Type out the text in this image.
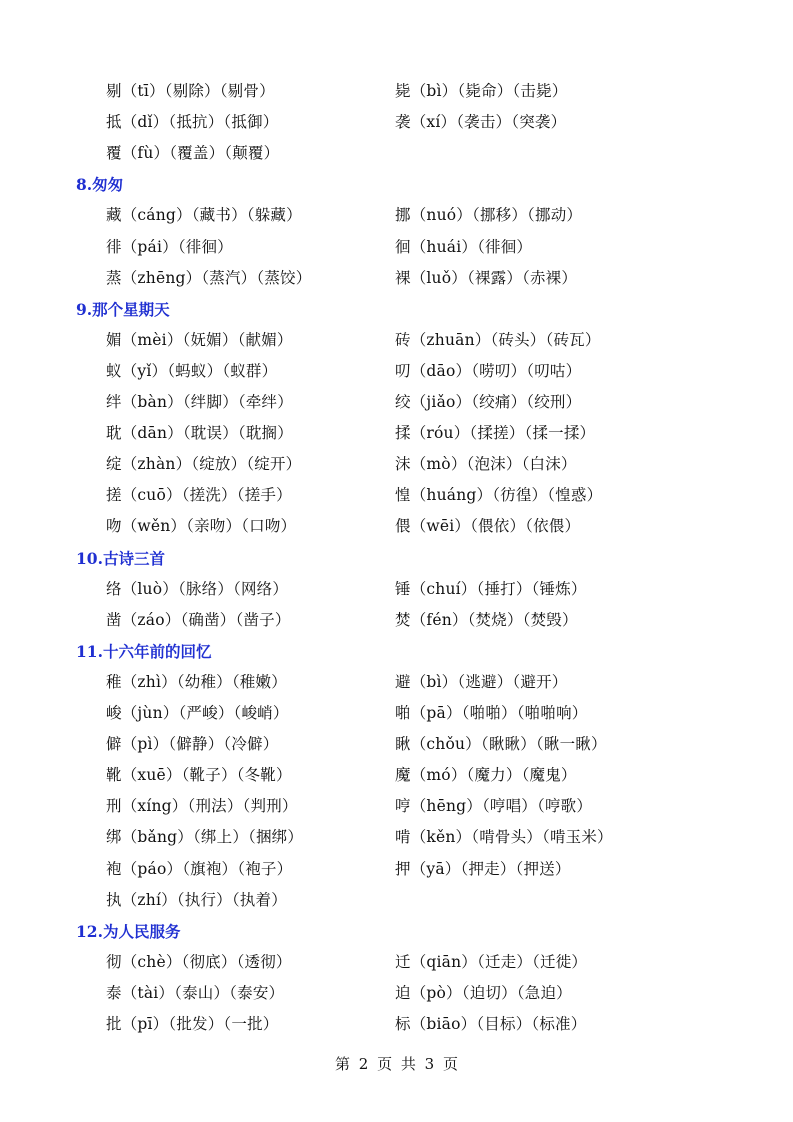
剔（tī）（剔除）（剔骨）	毙（bì）（毙命）（击毙）
抵（dǐ）（抵抗）（抵御）	袭（xí）（袭击）（突袭）
覆（fù）（覆盖）（颠覆）
8.匆匆
藏（cáng）（藏书）（躲藏）	挪（nuó）（挪移）（挪动）
徘（pái）（徘徊）	徊（huái）（徘徊）
蒸（zhēng）（蒸汽）（蒸饺）	裸（luǒ）（裸露）（赤裸）
9.那个星期天
媚（mèi）（妩媚）（献媚）	砖（zhuān）（砖头）（砖瓦）
蚁（yǐ）（蚂蚁）（蚁群）	叨（dāo）（唠叨）（叨咕）
绊（bàn）（绊脚）（牵绊）	绞（jiǎo）（绞痛）（绞刑）
耽（dān）（耽误）（耽搁）	揉（róu）（揉搓）（揉一揉）
绽（zhàn）（绽放）（绽开）	沫（mò）（泡沫）（白沫）
搓（cuō）（搓洗）（搓手）	惶（huáng）（彷徨）（惶惑）
吻（wěn）（亲吻）（口吻）	偎（wēi）（偎依）（依偎）
10.古诗三首
络（luò）（脉络）（网络）	锤（chuí）（捶打）（锤炼）
凿（záo）（确凿）（凿子）	焚（fén）（焚烧）（焚毁）
11.十六年前的回忆
稚（zhì）（幼稚）（稚嫩）	避（bì）（逃避）（避开）
峻（jùn）（严峻）（峻峭）	啪（pā）（啪啪）（啪啪响）
僻（pì）（僻静）（冷僻）	瞅（chǒu）（瞅瞅）（瞅一瞅）
靴（xuē）（靴子）（冬靴）	魔（mó）（魔力）（魔鬼）
刑（xíng）（刑法）（判刑）	哼（hēng）（哼唱）（哼歌）
绑（bǎng）（绑上）（捆绑）	啃（kěn）（啃骨头）（啃玉米）
袍（páo）（旗袍）（袍子）	押（yā）（押走）（押送）
执（zhí）（执行）（执着）
12.为人民服务
彻（chè）（彻底）（透彻）	迁（qiān）（迁走）（迁徙）
泰（tài）（泰山）（泰安）	迫（pò）（迫切）（急迫）
批（pī）（批发）（一批）	标（biāo）（目标）（标准）
第 2 页 共 3 页
